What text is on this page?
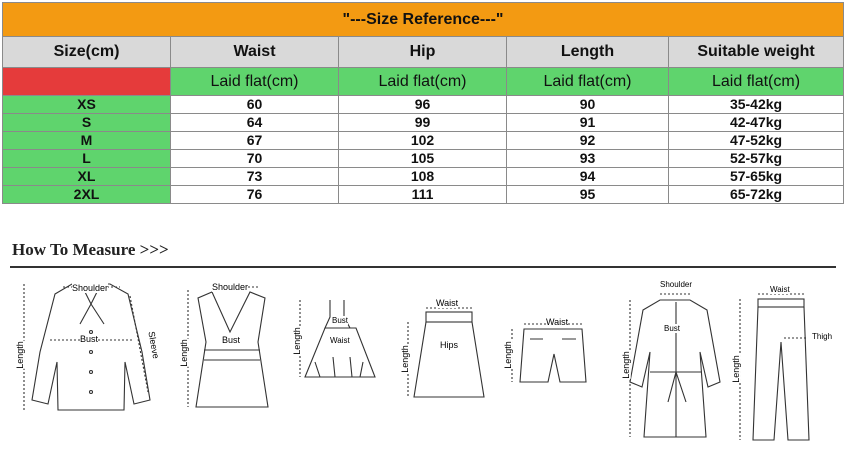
"---Size Reference---"				
Size(cm)	Waist	Hip	Length	Suitable weight
	Laid flat(cm)	Laid flat(cm)	Laid flat(cm)	Laid flat(cm)
XS	60	96	90	35-42kg
S	64	99	91	42-47kg
M	67	102	92	47-52kg
L	70	105	93	52-57kg
XL	73	108	94	57-65kg
2XL	76	111	95	65-72kg
How To Measure >>>
Shoulder
Bust	Sleeve
Length
Shoulder
Bust
Length
Bust
Waist
Length
Waist
Hips
Length
Waist
Length
Shoulder
Bust
Length
Waist
Thigh
Length
